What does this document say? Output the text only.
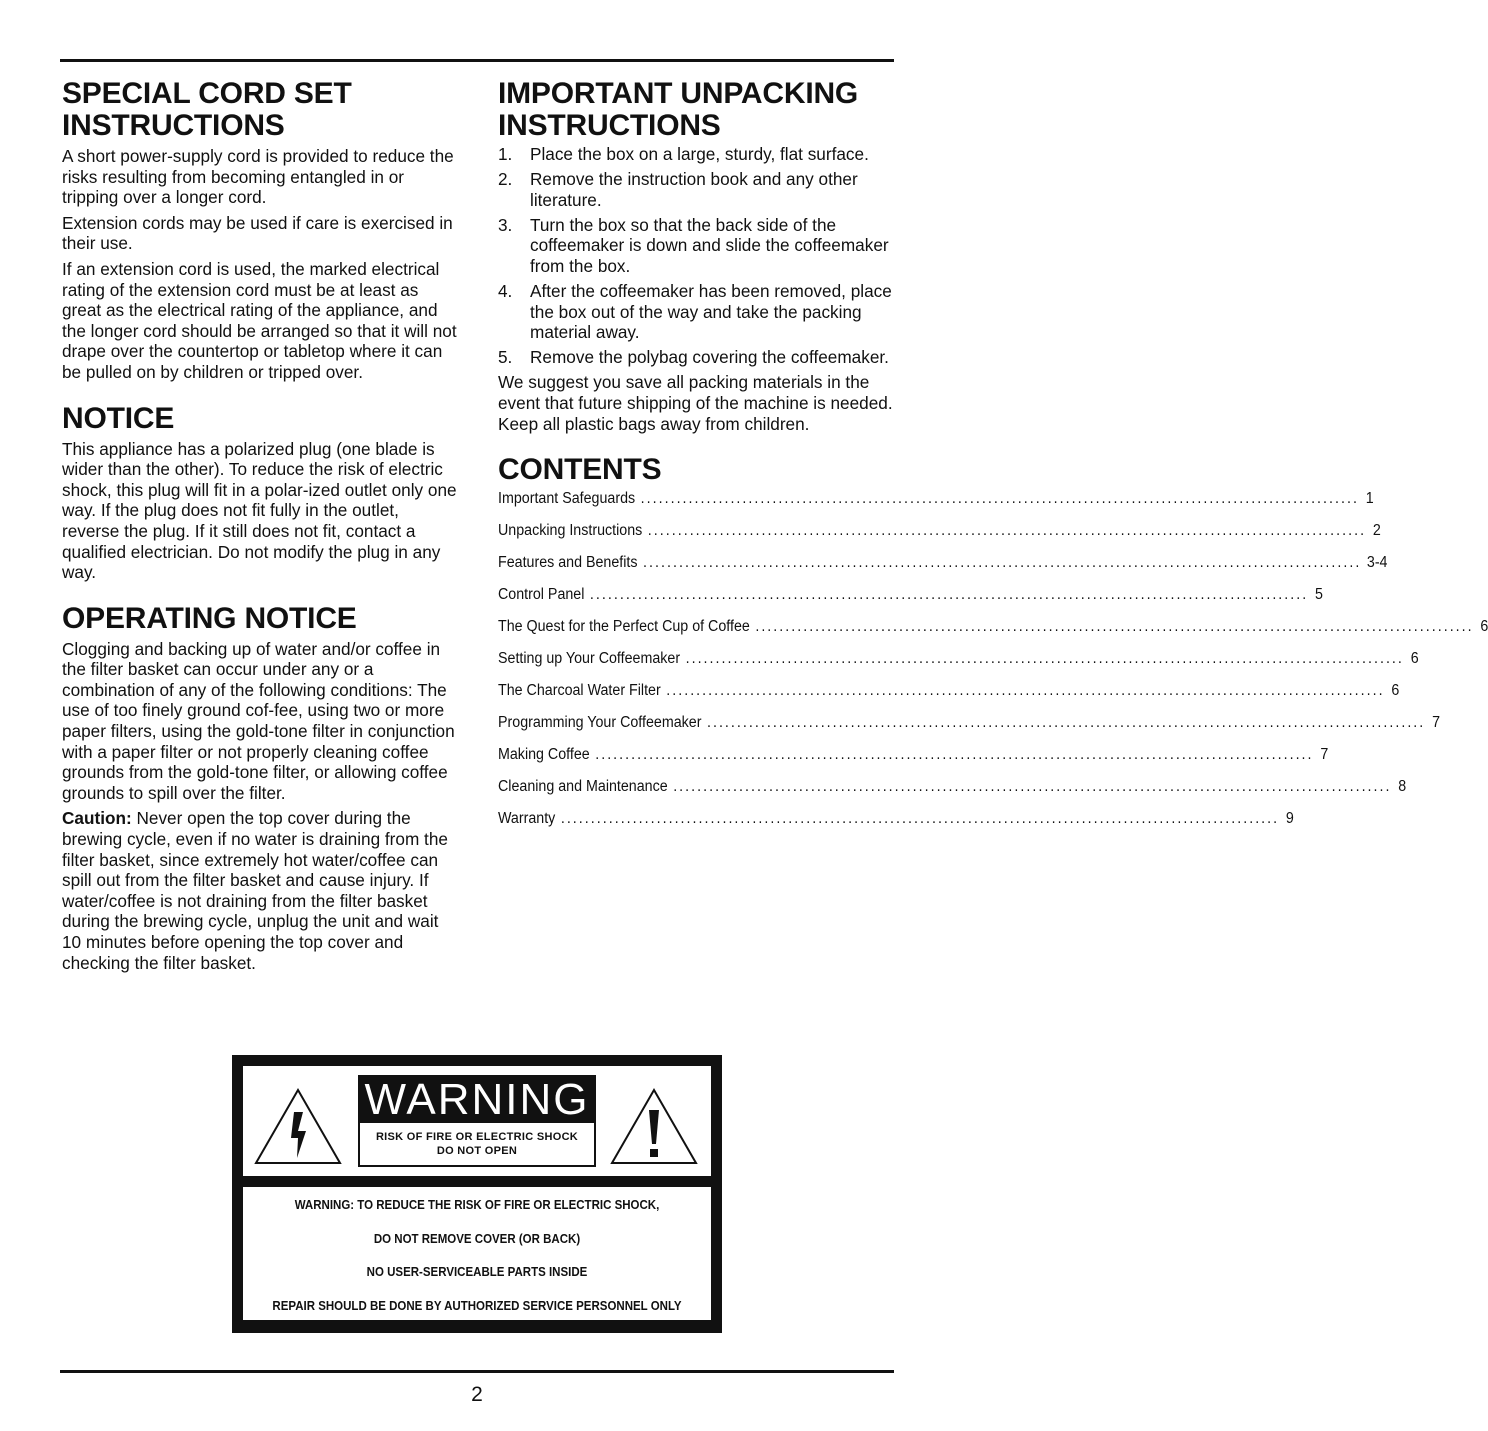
SPECIAL CORD SET INSTRUCTIONS

A short power-supply cord is provided to reduce the risks resulting from becoming entangled in or tripping over a longer cord.

Extension cords may be used if care is exercised in their use.

If an extension cord is used, the marked electrical rating of the extension cord must be at least as great as the electrical rating of the appliance, and the longer cord should be arranged so that it will not drape over the countertop or tabletop where it can be pulled on by children or tripped over.

NOTICE

This appliance has a polarized plug (one blade is wider than the other). To reduce the risk of electric shock, this plug will fit in a polar-ized outlet only one way. If the plug does not fit fully in the outlet, reverse the plug. If it still does not fit, contact a qualified electrician. Do not modify the plug in any way.

OPERATING NOTICE

Clogging and backing up of water and/or coffee in the filter basket can occur under any or a combination of any of the following conditions: The use of too finely ground cof-fee, using two or more paper filters, using the gold-tone filter in conjunction with a paper filter or not properly cleaning coffee grounds from the gold-tone filter, or allowing coffee grounds to spill over the filter.

Caution: Never open the top cover during the brewing cycle, even if no water is draining from the filter basket, since extremely hot water/coffee can spill out from the filter basket and cause injury. If water/coffee is not draining from the filter basket during the brewing cycle, unplug the unit and wait 10 minutes before opening the top cover and checking the filter basket.

IMPORTANT UNPACKING INSTRUCTIONS
1. Place the box on a large, sturdy, flat surface.
2. Remove the instruction book and any other literature.
3. Turn the box so that the back side of the coffeemaker is down and slide the coffeemaker from the box.
4. After the coffeemaker has been removed, place the box out of the way and take the packing material away.
5. Remove the polybag covering the coffeemaker.

We suggest you save all packing materials in the event that future shipping of the machine is needed. Keep all plastic bags away from children.

CONTENTS
Important Safeguards ........................................................................................................................ 1
Unpacking Instructions ........................................................................................................................ 2
Features and Benefits ........................................................................................................................ 3-4
Control Panel ........................................................................................................................ 5
The Quest for the Perfect Cup of Coffee ........................................................................................................................ 6
Setting up Your Coffeemaker ........................................................................................................................ 6
The Charcoal Water Filter ........................................................................................................................ 6
Programming Your Coffeemaker ........................................................................................................................ 7
Making Coffee ........................................................................................................................ 7
Cleaning and Maintenance ........................................................................................................................ 8
Warranty ........................................................................................................................ 9
WARNING
RISK OF FIRE OR ELECTRIC SHOCK
DO NOT OPEN
WARNING: TO REDUCE THE RISK OF FIRE OR ELECTRIC SHOCK,
DO NOT REMOVE COVER (OR BACK)
NO USER-SERVICEABLE PARTS INSIDE
REPAIR SHOULD BE DONE BY AUTHORIZED SERVICE PERSONNEL ONLY
2
